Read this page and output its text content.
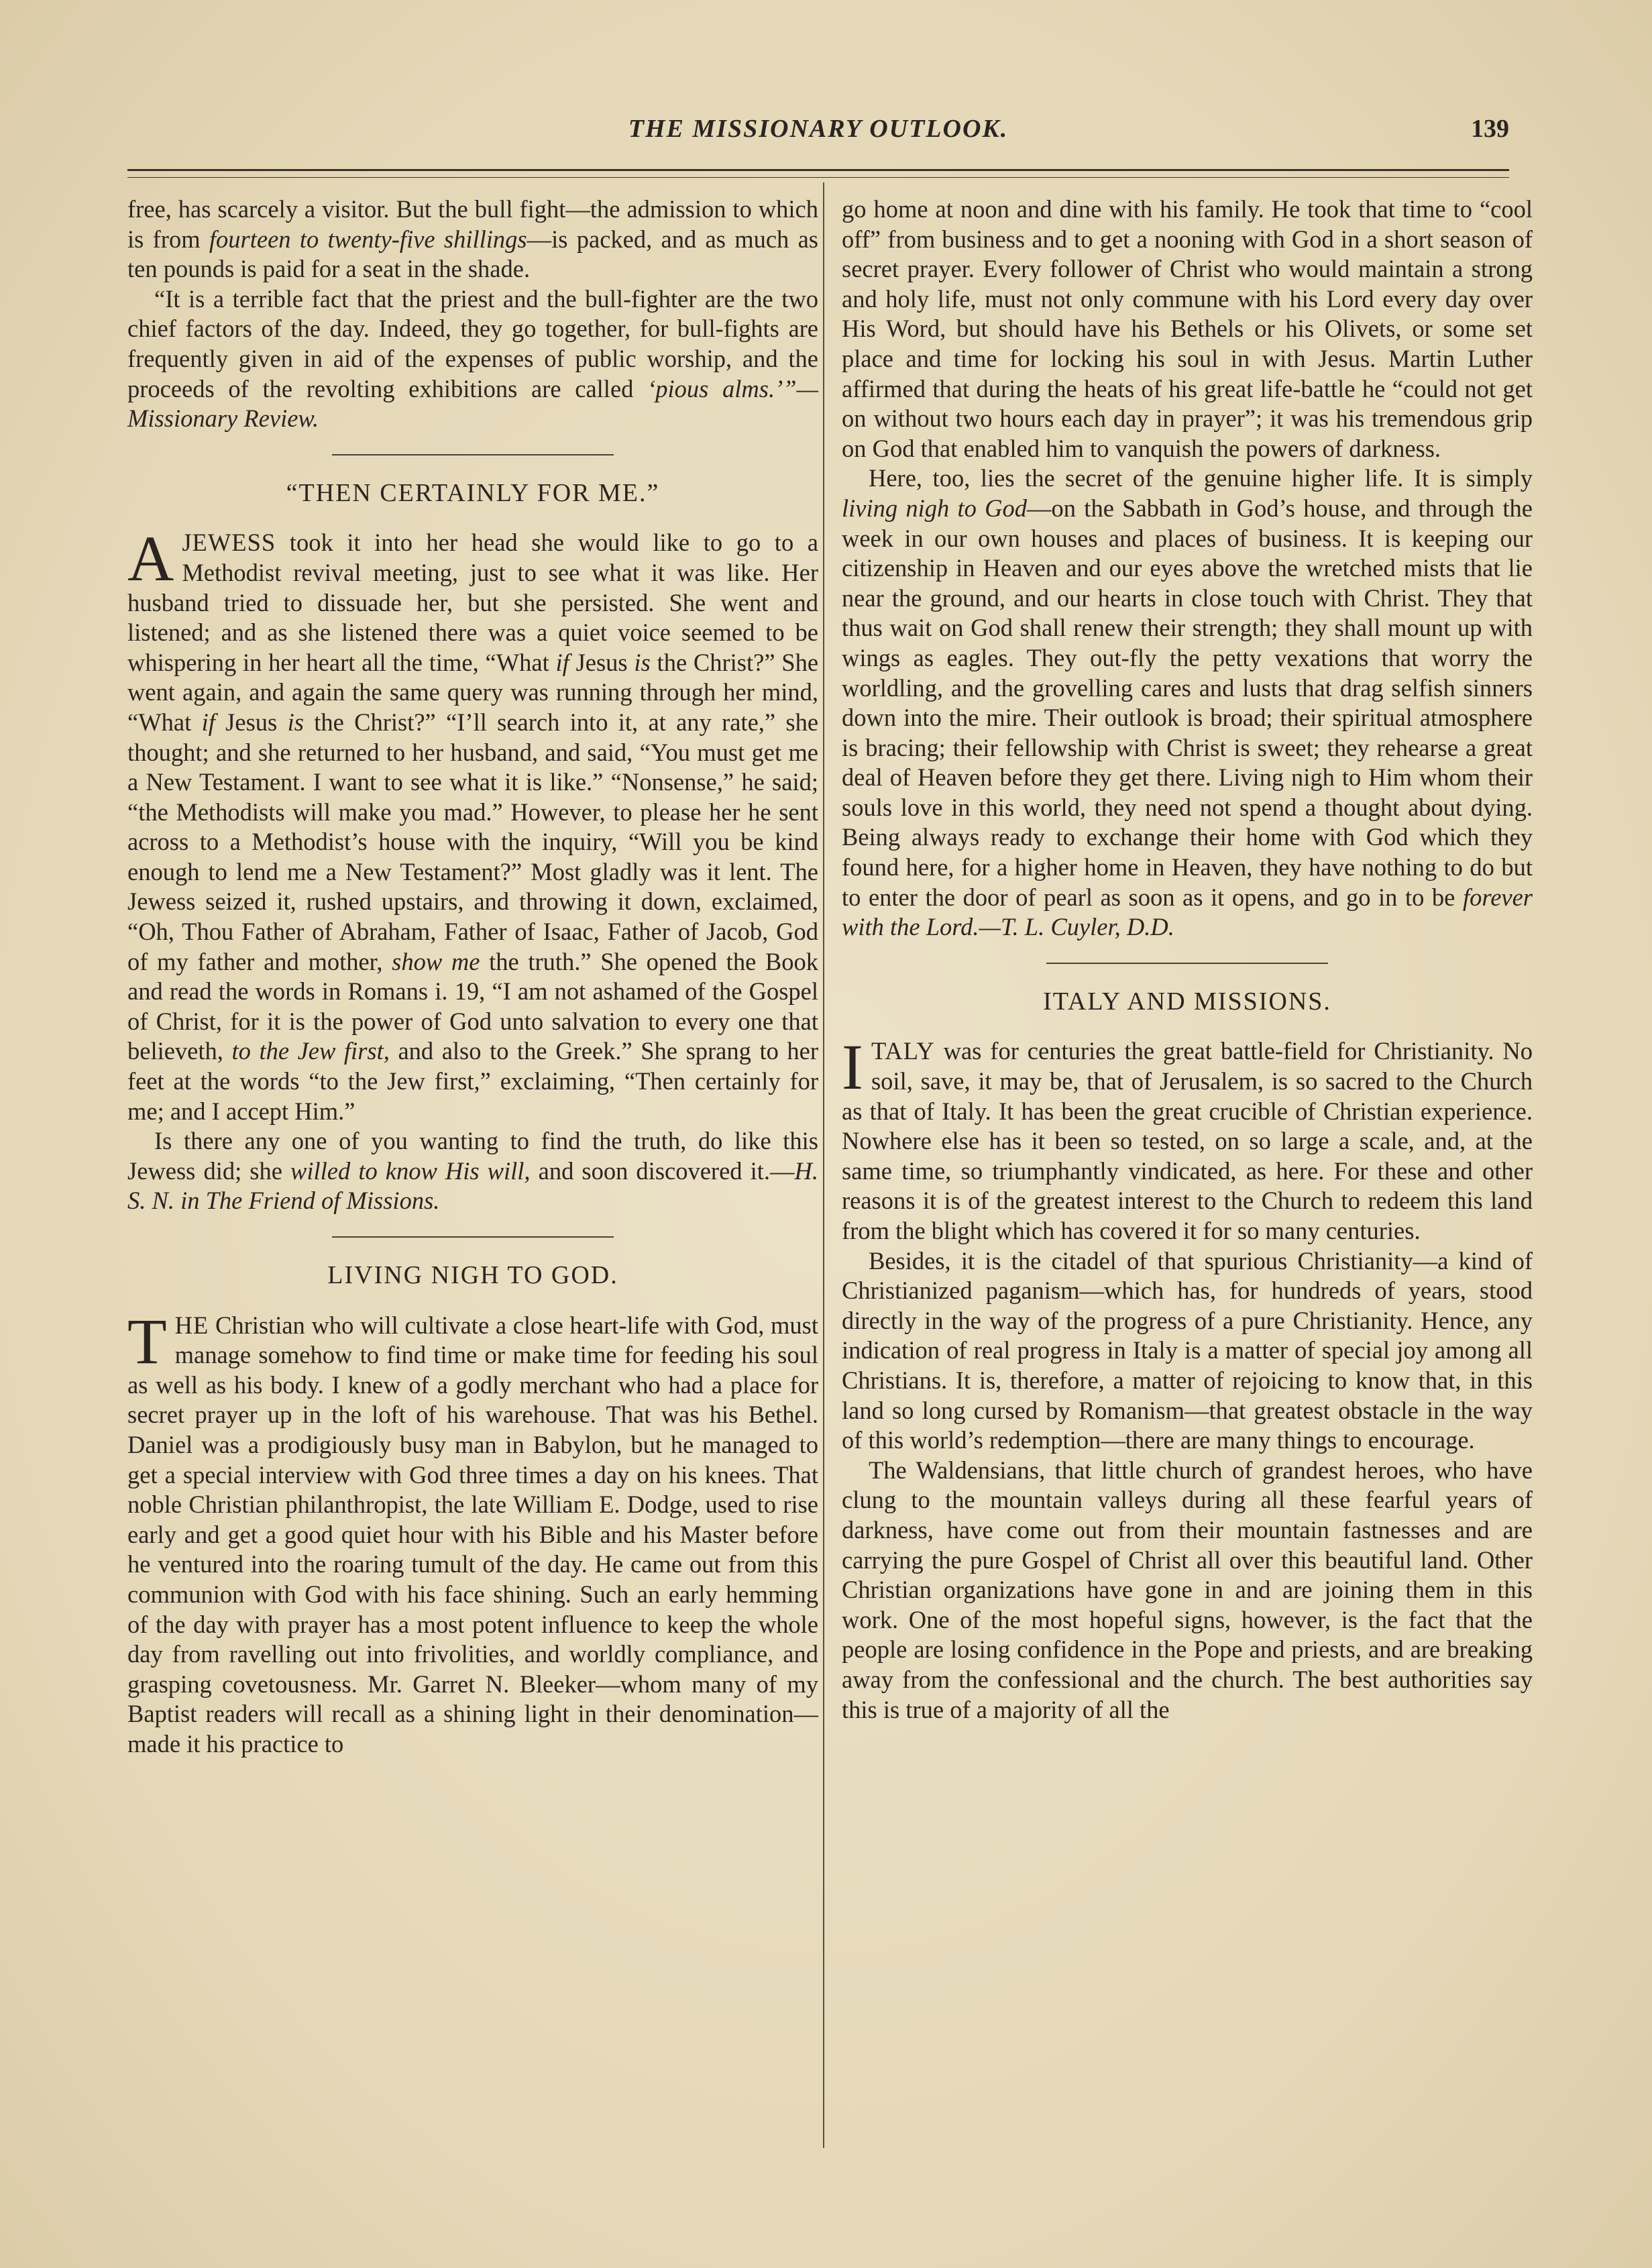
THE MISSIONARY OUTLOOK.	139

free, has scarcely a visitor. But the bull fight—the admission to which is from fourteen to twenty-five shillings—is packed, and as much as ten pounds is paid for a seat in the shade.

“It is a terrible fact that the priest and the bull-fighter are the two chief factors of the day. Indeed, they go together, for bull-fights are frequently given in aid of the expenses of public worship, and the proceeds of the revolting exhibitions are called ‘pious alms.’”—Missionary Review.

“THEN CERTAINLY FOR ME.”

AJEWESS took it into her head she would like to go to a Methodist revival meeting, just to see what it was like. Her husband tried to dissuade her, but she persisted. She went and listened; and as she listened there was a quiet voice seemed to be whispering in her heart all the time, “What if Jesus is the Christ?” She went again, and again the same query was running through her mind, “What if Jesus is the Christ?” “I’ll search into it, at any rate,” she thought; and she returned to her husband, and said, “You must get me a New Testament. I want to see what it is like.” “Nonsense,” he said; “the Methodists will make you mad.” However, to please her he sent across to a Methodist’s house with the inquiry, “Will you be kind enough to lend me a New Testament?” Most gladly was it lent. The Jewess seized it, rushed upstairs, and throwing it down, exclaimed, “Oh, Thou Father of Abraham, Father of Isaac, Father of Jacob, God of my father and mother, show me the truth.” She opened the Book and read the words in Romans i. 19, “I am not ashamed of the Gospel of Christ, for it is the power of God unto salvation to every one that believeth, to the Jew first, and also to the Greek.” She sprang to her feet at the words “to the Jew first,” exclaiming, “Then certainly for me; and I accept Him.”

Is there any one of you wanting to find the truth, do like this Jewess did; she willed to know His will, and soon discovered it.—H. S. N. in The Friend of Missions.

LIVING NIGH TO GOD.

THE Christian who will cultivate a close heart-life with God, must manage somehow to find time or make time for feeding his soul as well as his body. I knew of a godly merchant who had a place for secret prayer up in the loft of his warehouse. That was his Bethel. Daniel was a prodigiously busy man in Babylon, but he managed to get a special interview with God three times a day on his knees. That noble Christian philanthropist, the late William E. Dodge, used to rise early and get a good quiet hour with his Bible and his Master before he ventured into the roaring tumult of the day. He came out from this communion with God with his face shining. Such an early hemming of the day with prayer has a most potent influence to keep the whole day from ravelling out into frivolities, and worldly compliance, and grasping covetousness. Mr. Garret N. Bleeker—whom many of my Baptist readers will recall as a shining light in their denomination—made it his practice to

go home at noon and dine with his family. He took that time to “cool off” from business and to get a nooning with God in a short season of secret prayer. Every follower of Christ who would maintain a strong and holy life, must not only commune with his Lord every day over His Word, but should have his Bethels or his Olivets, or some set place and time for locking his soul in with Jesus. Martin Luther affirmed that during the heats of his great life-battle he “could not get on without two hours each day in prayer”; it was his tremendous grip on God that enabled him to vanquish the powers of darkness.

Here, too, lies the secret of the genuine higher life. It is simply living nigh to God—on the Sabbath in God’s house, and through the week in our own houses and places of business. It is keeping our citizenship in Heaven and our eyes above the wretched mists that lie near the ground, and our hearts in close touch with Christ. They that thus wait on God shall renew their strength; they shall mount up with wings as eagles. They out-fly the petty vexations that worry the worldling, and the grovelling cares and lusts that drag selfish sinners down into the mire. Their outlook is broad; their spiritual atmosphere is bracing; their fellowship with Christ is sweet; they rehearse a great deal of Heaven before they get there. Living nigh to Him whom their souls love in this world, they need not spend a thought about dying. Being always ready to exchange their home with God which they found here, for a higher home in Heaven, they have nothing to do but to enter the door of pearl as soon as it opens, and go in to be forever with the Lord.—T. L. Cuyler, D.D.

ITALY AND MISSIONS.

ITALY was for centuries the great battle-field for Christianity. No soil, save, it may be, that of Jerusalem, is so sacred to the Church as that of Italy. It has been the great crucible of Christian experience. Nowhere else has it been so tested, on so large a scale, and, at the same time, so triumphantly vindicated, as here. For these and other reasons it is of the greatest interest to the Church to redeem this land from the blight which has covered it for so many centuries.

Besides, it is the citadel of that spurious Christianity—a kind of Christianized paganism—which has, for hundreds of years, stood directly in the way of the progress of a pure Christianity. Hence, any indication of real progress in Italy is a matter of special joy among all Christians. It is, therefore, a matter of rejoicing to know that, in this land so long cursed by Romanism—that greatest obstacle in the way of this world’s redemption—there are many things to encourage.

The Waldensians, that little church of grandest heroes, who have clung to the mountain valleys during all these fearful years of darkness, have come out from their mountain fastnesses and are carrying the pure Gospel of Christ all over this beautiful land. Other Christian organizations have gone in and are joining them in this work. One of the most hopeful signs, however, is the fact that the people are losing confidence in the Pope and priests, and are breaking away from the confessional and the church. The best authorities say this is true of a majority of all the
